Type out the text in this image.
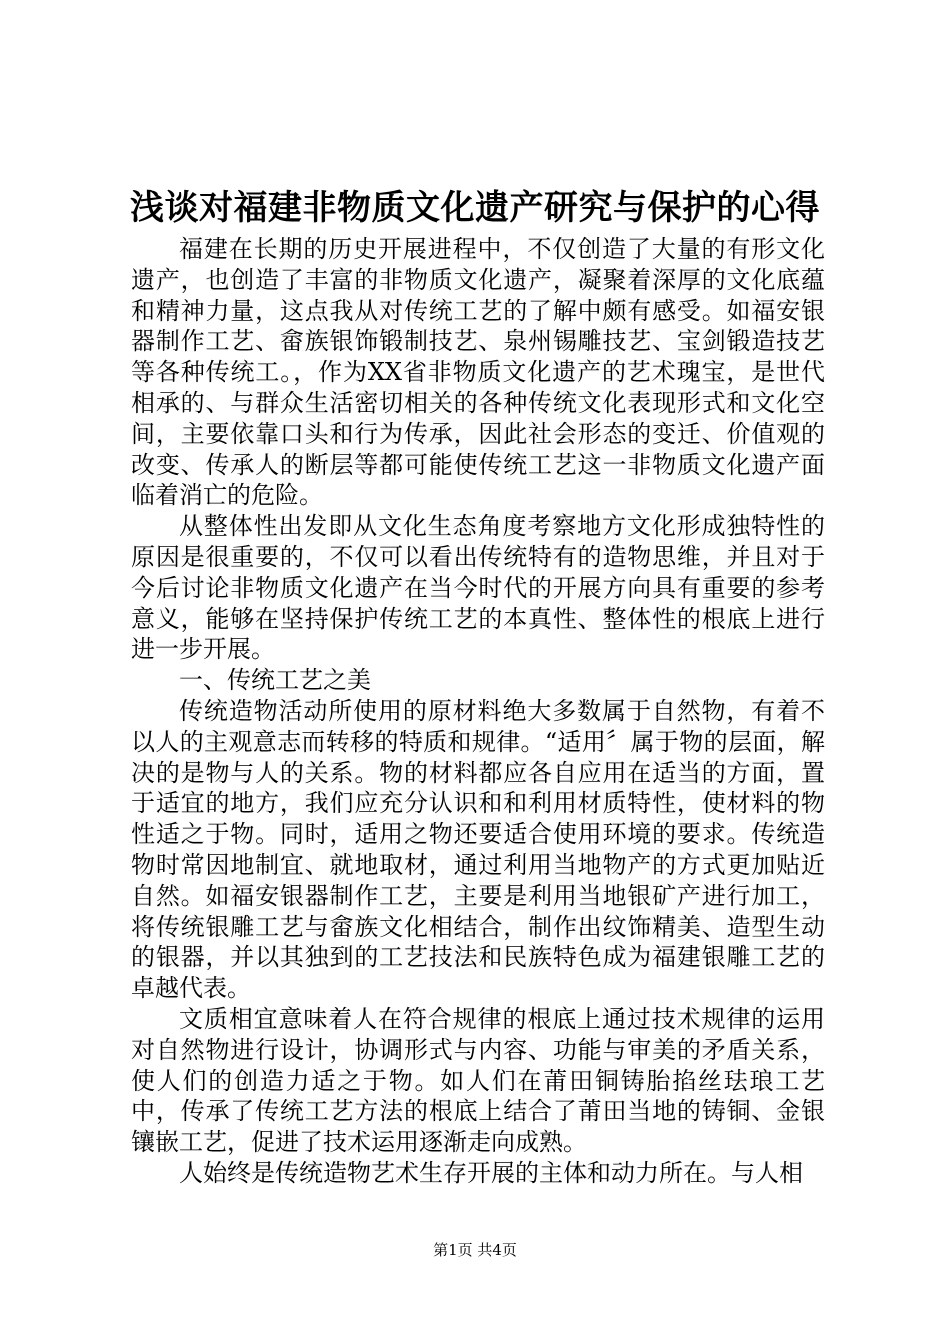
浅谈对福建非物质文化遗产研究与保护的心得

福建在长期的历史开展进程中，不仅创造了大量的有形文化遗产，也创造了丰富的非物质文化遗产，凝聚着深厚的文化底蕴和精神力量，这点我从对传统工艺的了解中颇有感受。如福安银器制作工艺、畲族银饰锻制技艺、泉州锡雕技艺、宝剑锻造技艺等各种传统工。，作为XX省非物质文化遗产的艺术瑰宝，是世代相承的、与群众生活密切相关的各种传统文化表现形式和文化空间，主要依靠口头和行为传承，因此社会形态的变迁、价值观的改变、传承人的断层等都可能使传统工艺这一非物质文化遗产面临着消亡的危险。

从整体性出发即从文化生态角度考察地方文化形成独特性的原因是很重要的，不仅可以看出传统特有的造物思维，并且对于今后讨论非物质文化遗产在当今时代的开展方向具有重要的参考意义，能够在坚持保护传统工艺的本真性、整体性的根底上进行进一步开展。

一、传统工艺之美

传统造物活动所使用的原材料绝大多数属于自然物，有着不以人的主观意志而转移的特质和规律。“适用〞属于物的层面，解决的是物与人的关系。物的材料都应各自应用在适当的方面，置于适宜的地方，我们应充分认识和和利用材质特性，使材料的物性适之于物。同时，适用之物还要适合使用环境的要求。传统造物时常因地制宜、就地取材，通过利用当地物产的方式更加贴近自然。如福安银器制作工艺，主要是利用当地银矿产进行加工，将传统银雕工艺与畲族文化相结合，制作出纹饰精美、造型生动的银器，并以其独到的工艺技法和民族特色成为福建银雕工艺的卓越代表。

文质相宜意味着人在符合规律的根底上通过技术规律的运用对自然物进行设计，协调形式与内容、功能与审美的矛盾关系，使人们的创造力适之于物。如人们在莆田铜铸胎掐丝珐琅工艺中，传承了传统工艺方法的根底上结合了莆田当地的铸铜、金银镶嵌工艺，促进了技术运用逐渐走向成熟。

人始终是传统造物艺术生存开展的主体和动力所在。与人相

第1页 共4页
